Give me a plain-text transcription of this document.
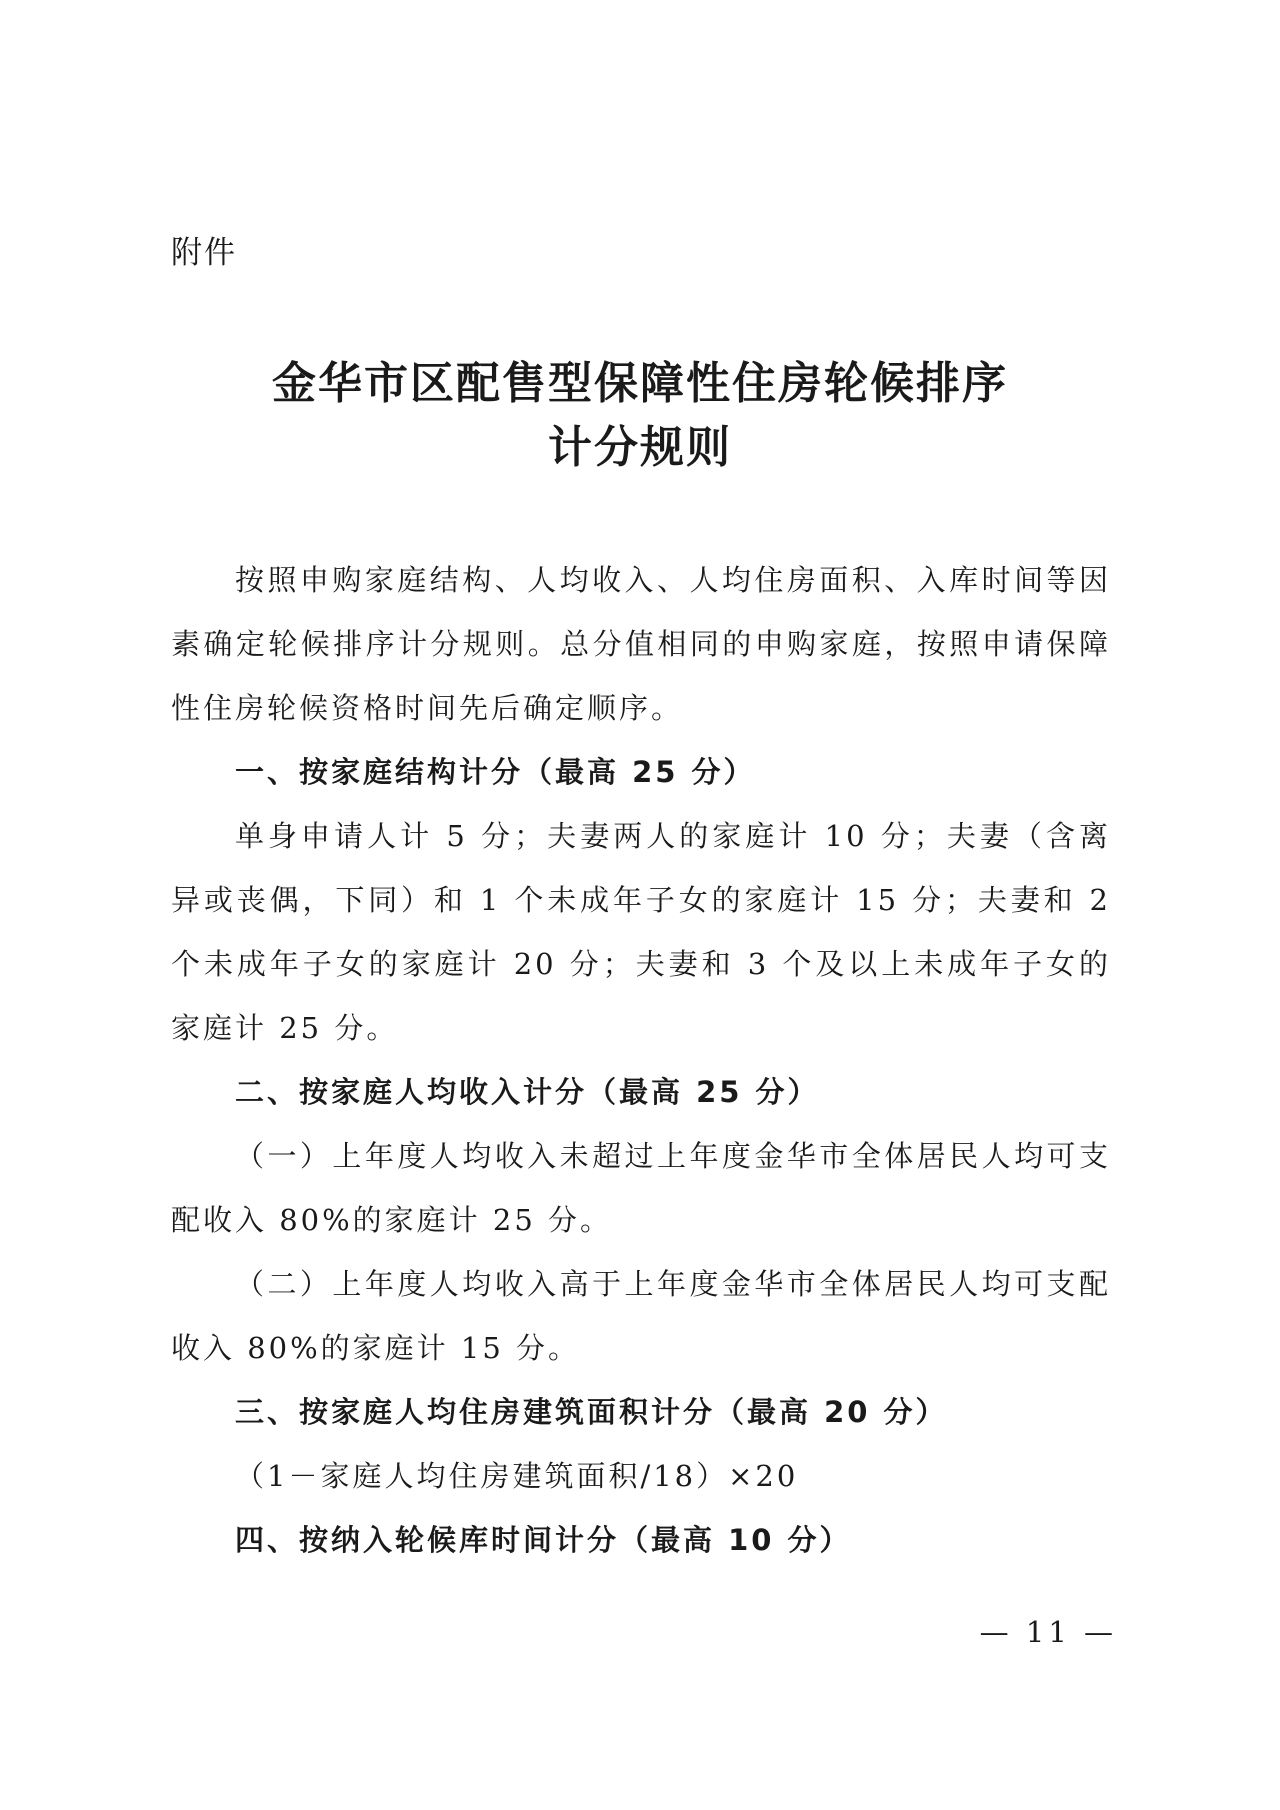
附件
金华市区配售型保障性住房轮候排序
计分规则

按照申购家庭结构、人均收入、人均住房面积、入库时间等因素确定轮候排序计分规则。总分值相同的申购家庭，按照申请保障性住房轮候资格时间先后确定顺序。

一、按家庭结构计分（最高 25 分）

单身申请人计 5 分；夫妻两人的家庭计 10 分；夫妻（含离异或丧偶，下同）和 1 个未成年子女的家庭计 15 分；夫妻和 2 个未成年子女的家庭计 20 分；夫妻和 3 个及以上未成年子女的家庭计 25 分。

二、按家庭人均收入计分（最高 25 分）

（一）上年度人均收入未超过上年度金华市全体居民人均可支配收入 80%的家庭计 25 分。

（二）上年度人均收入高于上年度金华市全体居民人均可支配收入 80%的家庭计 15 分。

三、按家庭人均住房建筑面积计分（最高 20 分）

（1－家庭人均住房建筑面积/18）×20

四、按纳入轮候库时间计分（最高 10 分）

— 11 —
